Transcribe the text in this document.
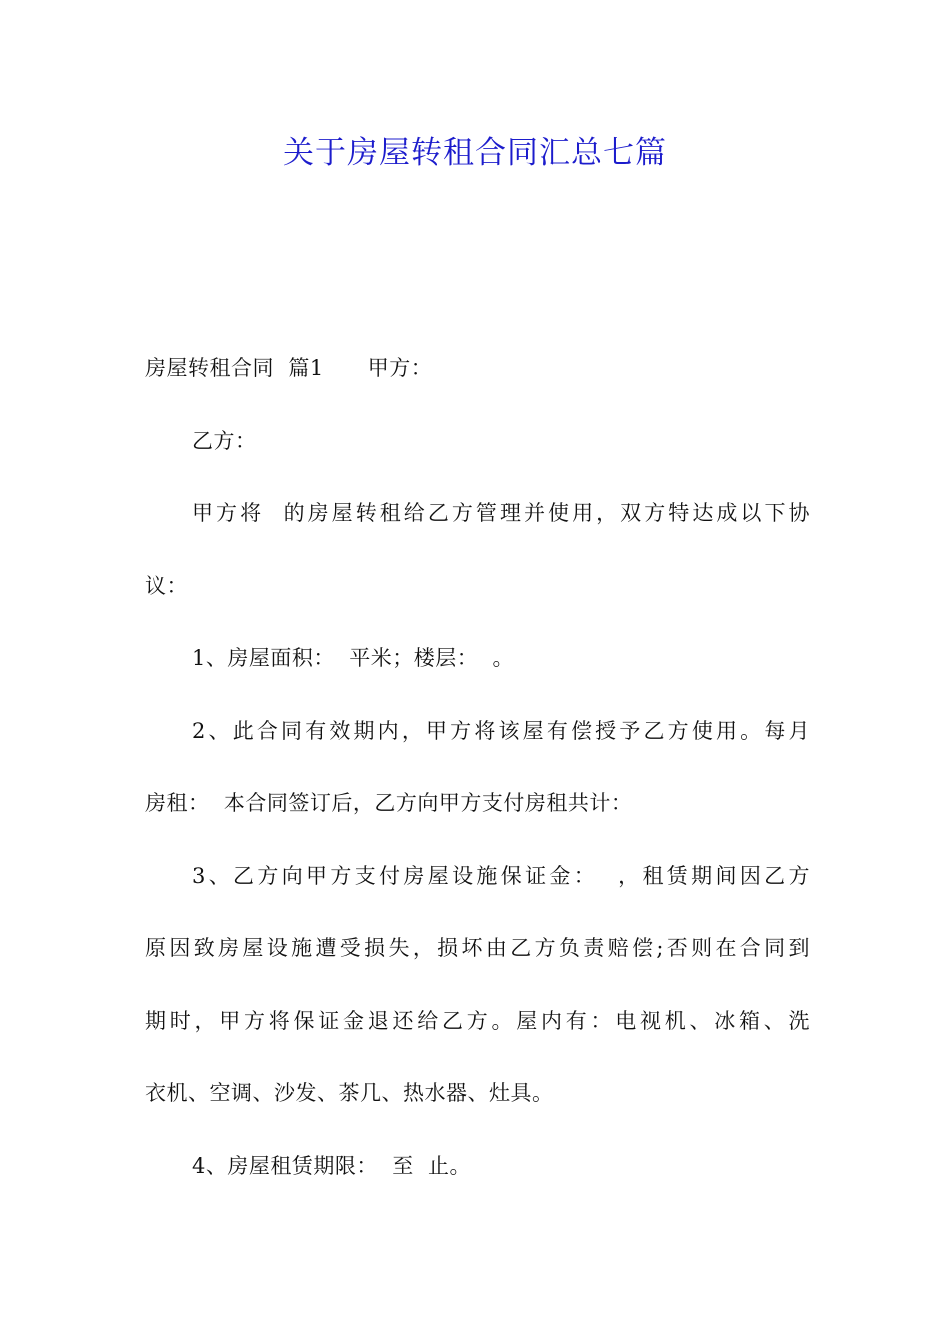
关于房屋转租合同汇总七篇

房屋转租合同  篇1 甲方：

乙方：

甲方将  的房屋转租给乙方管理并使用，双方特达成以下协

议：

1、房屋面积：  平米；楼层：  。

2、此合同有效期内，甲方将该屋有偿授予乙方使用。每月

房租：  本合同签订后，乙方向甲方支付房租共计：

3、乙方向甲方支付房屋设施保证金：  ，租赁期间因乙方

原因致房屋设施遭受损失，损坏由乙方负责赔偿;否则在合同到

期时，甲方将保证金退还给乙方。屋内有：电视机、冰箱、洗

衣机、空调、沙发、茶几、热水器、灶具。

4、房屋租赁期限：  至  止。
